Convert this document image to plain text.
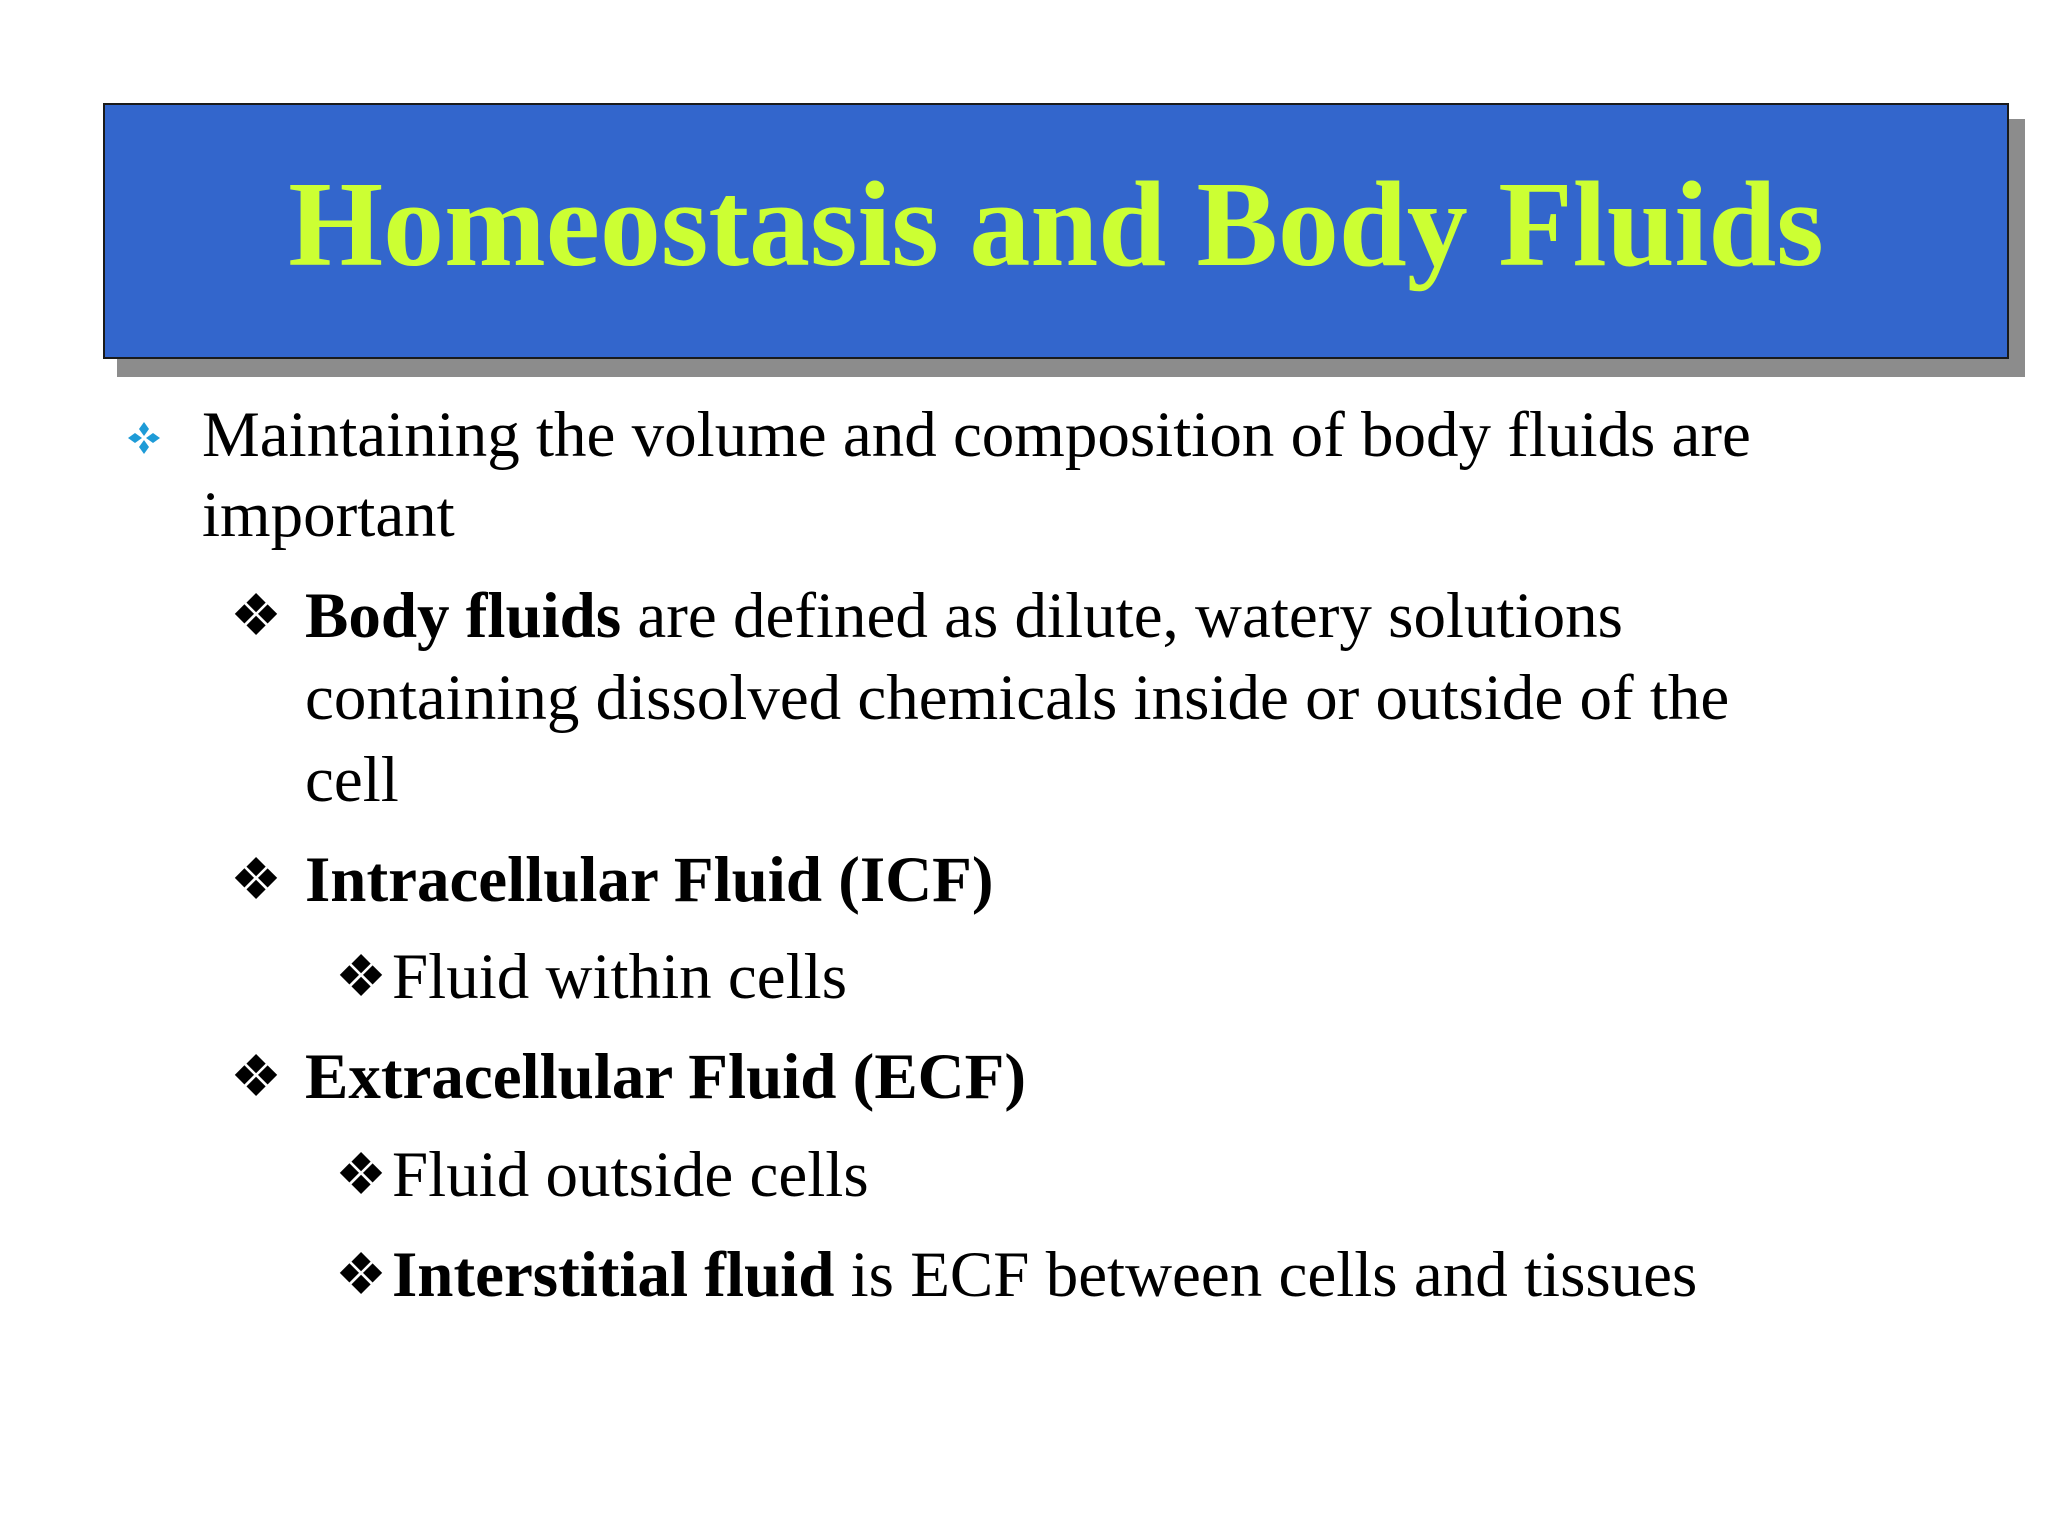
Homeostasis and Body Fluids
Maintaining the volume and composition of body fluids are
important
❖ Body fluids are defined as dilute, watery solutions
containing dissolved chemicals inside or outside of the
cell
❖ Intracellular Fluid (ICF)
❖ Fluid within cells
❖ Extracellular Fluid (ECF)
❖ Fluid outside cells
❖ Interstitial fluid is ECF between cells and tissues
